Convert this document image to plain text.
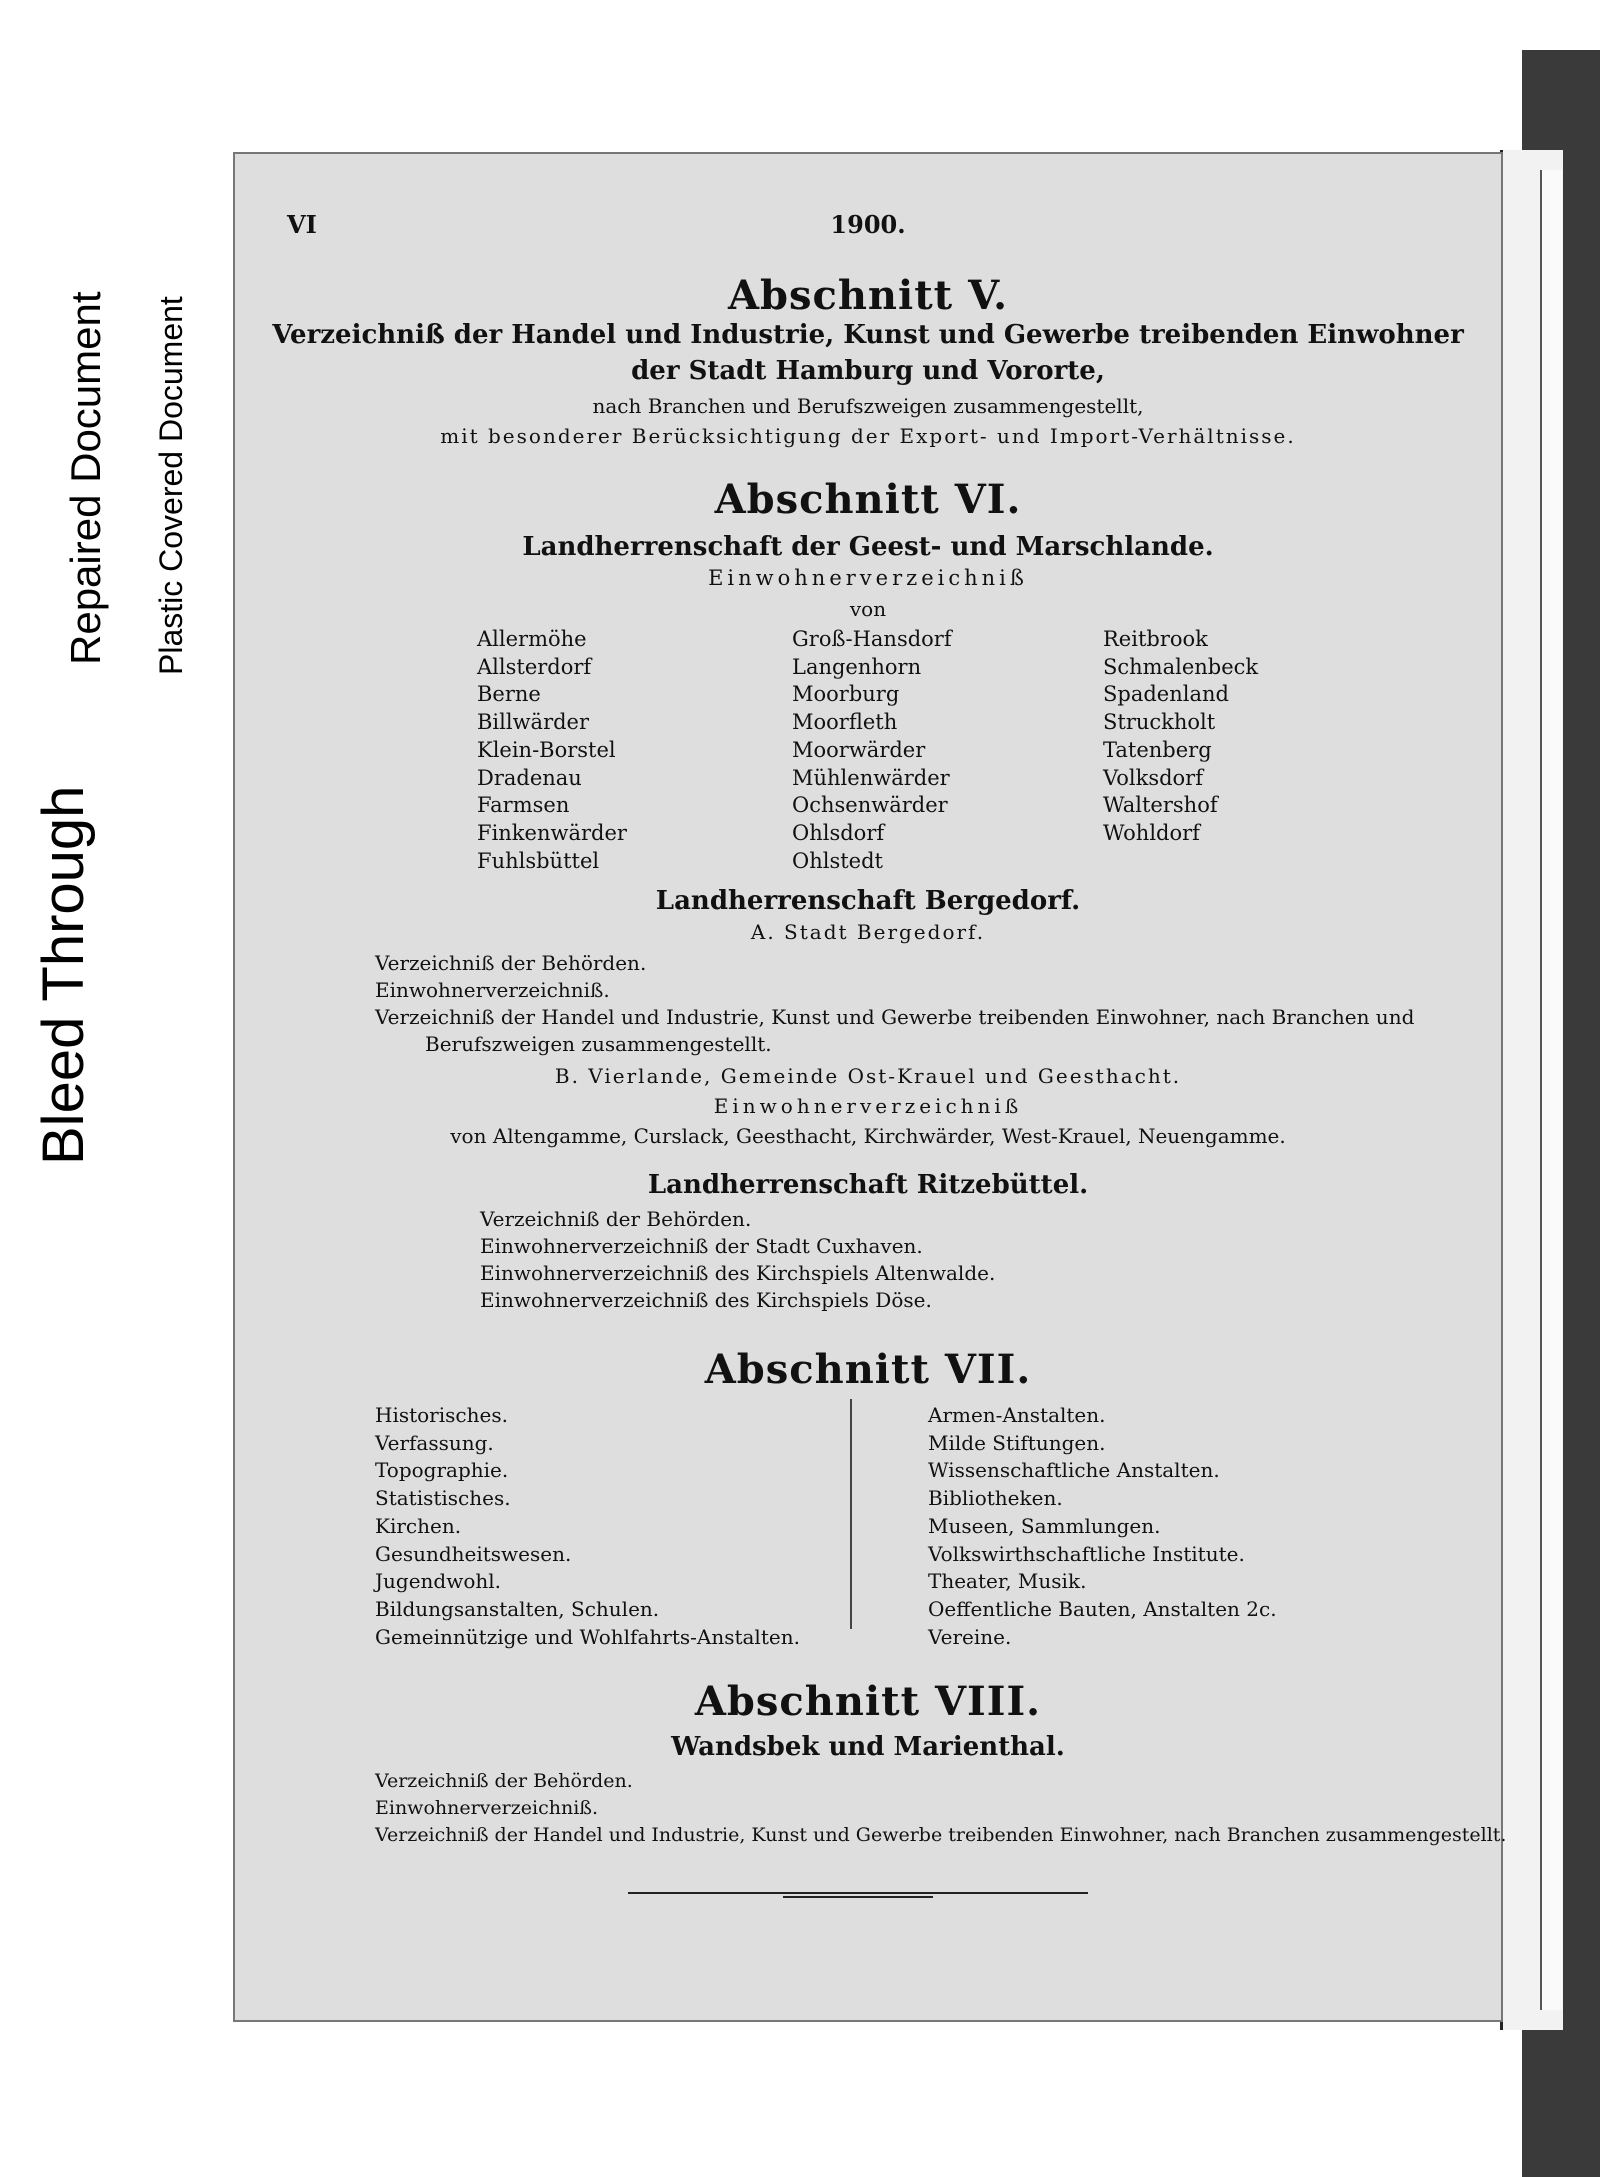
Bleed Through
Repaired Document Plastic Covered Document
VI	1900.
Abschnitt V.
Verzeichniß der Handel und Industrie, Kunst und Gewerbe treibenden Einwohner
der Stadt Hamburg und Vororte,
nach Branchen und Berufszweigen zusammengestellt,
mit besonderer Berücksichtigung der Export- und Import-Verhältnisse.
Abschnitt VI.
Landherrenschaft der Geest- und Marschlande.
Einwohnerverzeichniß
von
Allermöhe
Allsterdorf
Berne
Billwärder
Klein-Borstel
Dradenau
Farmsen
Finkenwärder
Fuhlsbüttel
Groß-Hansdorf
Langenhorn
Moorburg
Moorfleth
Moorwärder
Mühlenwärder
Ochsenwärder
Ohlsdorf
Ohlstedt
Reitbrook
Schmalenbeck
Spadenland
Struckholt
Tatenberg
Volksdorf
Waltershof
Wohldorf
Landherrenschaft Bergedorf.
A. Stadt Bergedorf.
Verzeichniß der Behörden.
Einwohnerverzeichniß.
Verzeichniß der Handel und Industrie, Kunst und Gewerbe treibenden Einwohner, nach Branchen und
Berufszweigen zusammengestellt.
B. Vierlande, Gemeinde Ost-Krauel und Geesthacht.
Einwohnerverzeichniß
von Altengamme, Curslack, Geesthacht, Kirchwärder, West-Krauel, Neuengamme.
Landherrenschaft Ritzebüttel.
Verzeichniß der Behörden.
Einwohnerverzeichniß der Stadt Cuxhaven.
Einwohnerverzeichniß des Kirchspiels Altenwalde.
Einwohnerverzeichniß des Kirchspiels Döse.
Abschnitt VII.
Historisches.
Verfassung.
Topographie.
Statistisches.
Kirchen.
Gesundheitswesen.
Jugendwohl.
Bildungsanstalten, Schulen.
Gemeinnützige und Wohlfahrts-Anstalten.
Armen-Anstalten.
Milde Stiftungen.
Wissenschaftliche Anstalten.
Bibliotheken.
Museen, Sammlungen.
Volkswirthschaftliche Institute.
Theater, Musik.
Oeffentliche Bauten, Anstalten 2c.
Vereine.
Abschnitt VIII.
Wandsbek und Marienthal.
Verzeichniß der Behörden.
Einwohnerverzeichniß.
Verzeichniß der Handel und Industrie, Kunst und Gewerbe treibenden Einwohner, nach Branchen zusammengestellt.
